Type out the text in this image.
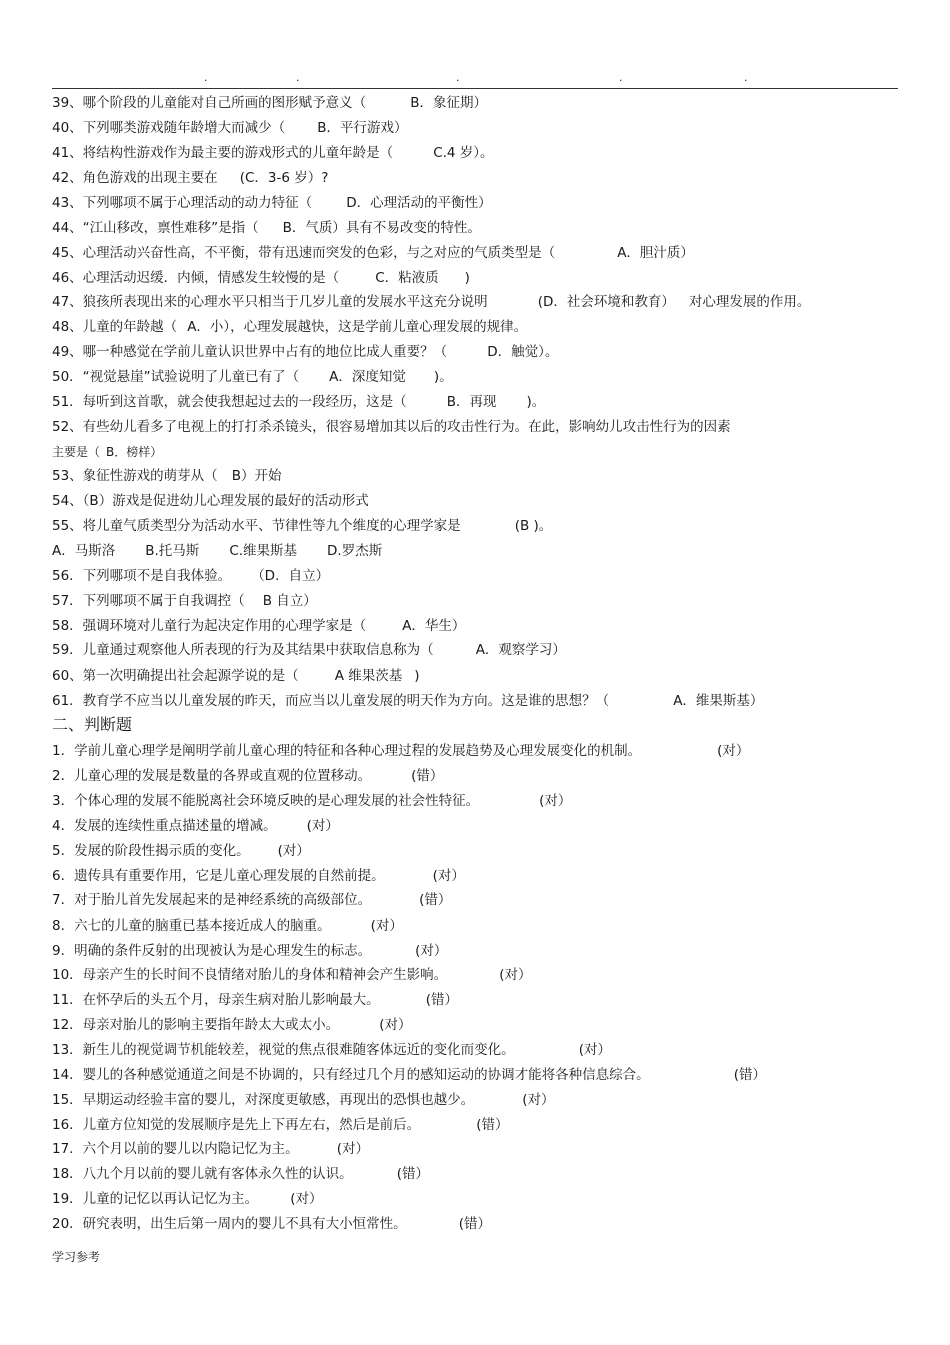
.	.	.	.	.
39、哪个阶段的儿童能对自己所画的图形赋予意义（	B．象征期）
40、下列哪类游戏随年龄增大而减少（ B．平行游戏）
41、将结构性游戏作为最主要的游戏形式的儿童年龄是（	C.4 岁）。
42、角色游戏的出现主要在 (C．3-6 岁）?
43、下列哪项不属于心理活动的动力特征（	D．心理活动的平衡性）
44、“江山移改，禀性难移”是指（ B．气质）具有不易改变的特性。
45、心理活动兴奋性高，不平衡，带有迅速而突发的色彩，与之对应的气质类型是（	A．胆汁质）
46、心理活动迟缓．内倾，情感发生较慢的是（	C．粘液质 )
47、狼孩所表现出来的心理水平只相当于几岁儿童的发展水平这充分说明	(D．社会环境和教育） 对心理发展的作用。
48、儿童的年龄越（ A．小），心理发展越快，这是学前儿童心理发展的规律。
49、哪一种感觉在学前儿童认识世界中占有的地位比成人重要？（	D．触觉）。
50．“视觉悬崖”试验说明了儿童已有了（ A．深度知觉 )。
51．每听到这首歌，就会使我想起过去的一段经历，这是（	B．再现 )。
52、有些幼儿看多了电视上的打打杀杀镜头，很容易增加其以后的攻击性行为。在此，影响幼儿攻击性行为的因素
主要是（ B．榜样）
53、象征性游戏的萌芽从（ B）开始
54、（B）游戏是促进幼儿心理发展的最好的活动形式
55、将儿童气质类型分为活动水平、节律性等九个维度的心理学家是	(B )。
A．马斯洛 B.托马斯 C.维果斯基 D.罗杰斯
56．下列哪项不是自我体验。 （D．自立）
57．下列哪项不属于自我调控（ B 自立）
58．强调环境对儿童行为起决定作用的心理学家是（	A．华生）
59．儿童通过观察他人所表现的行为及其结果中获取信息称为（	A．观察学习）
60、第一次明确提出社会起源学说的是（	A 维果茨基 )
61．教育学不应当以儿童发展的昨天，而应当以儿童发展的明天作为方向。这是谁的思想？（	A．维果斯基）
二、判断题
1．学前儿童心理学是阐明学前儿童心理的特征和各种心理过程的发展趋势及心理发展变化的机制。	(对）
2．儿童心理的发展是数量的各界或直观的位置移动。	(错）
3．个体心理的发展不能脱离社会环境反映的是心理发展的社会性特征。	(对）
4．发展的连续性重点描述量的增减。 (对）
5．发展的阶段性揭示质的变化。 (对）
6．遗传具有重要作用，它是儿童心理发展的自然前提。	(对）
7．对于胎儿首先发展起来的是神经系统的高级部位。	(错）
8．六七的儿童的脑重已基本接近成人的脑重。	(对）
9．明确的条件反射的出现被认为是心理发生的标志。	(对）
10．母亲产生的长时间不良情绪对胎儿的身体和精神会产生影响。	(对）
11．在怀孕后的头五个月，母亲生病对胎儿影响最大。	(错）
12．母亲对胎儿的影响主要指年龄太大或太小。	(对）
13．新生儿的视觉调节机能较差，视觉的焦点很难随客体远近的变化而变化。	(对）
14．婴儿的各种感觉通道之间是不协调的，只有经过几个月的感知运动的协调才能将各种信息综合。	(错）
15．早期运动经验丰富的婴儿，对深度更敏感，再现出的恐惧也越少。	(对）
16．儿童方位知觉的发展顺序是先上下再左右，然后是前后。	(错）
17．六个月以前的婴儿以内隐记忆为主。	(对）
18．八九个月以前的婴儿就有客体永久性的认识。	(错）
19．儿童的记忆以再认记忆为主。 (对）
20．研究表明，出生后第一周内的婴儿不具有大小恒常性。	(错）
学习参考
